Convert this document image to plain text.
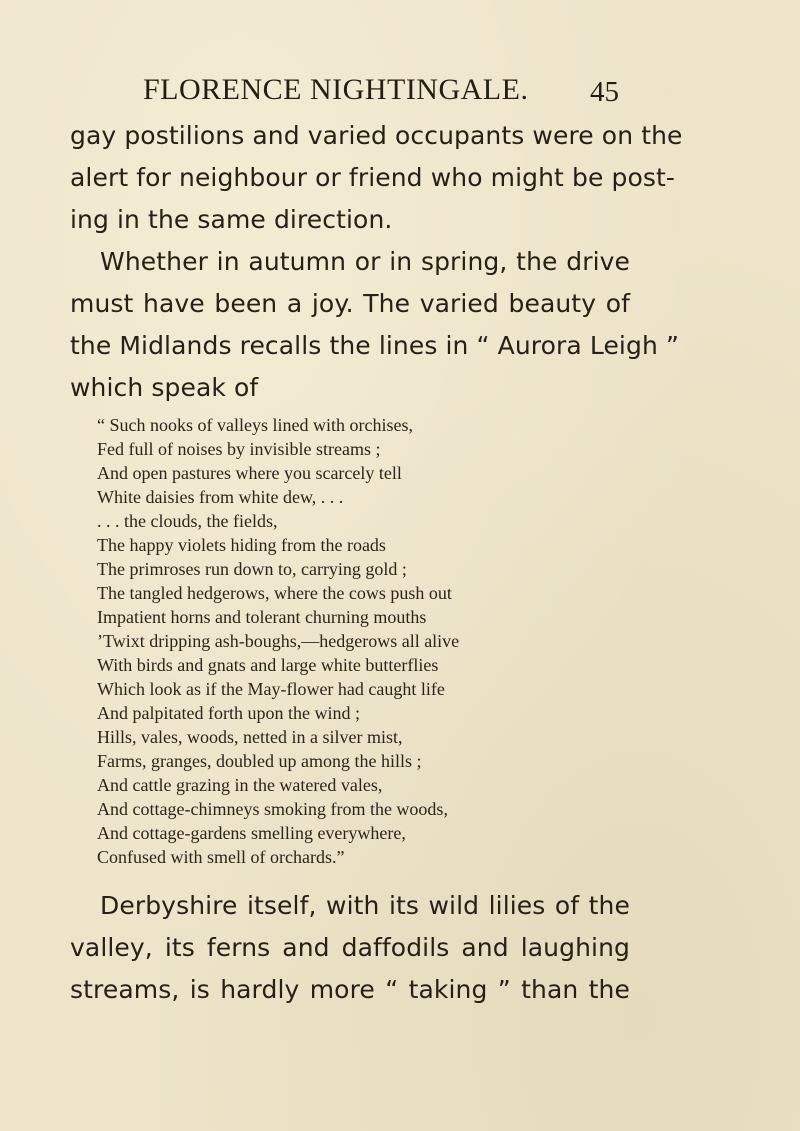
FLORENCE NIGHTINGALE.	45
gay postilions and varied occupants were on the
alert for neighbour or friend who might be post-
ing in the same direction.
Whether in autumn or in spring, the drive
must have been a joy. The varied beauty of
the Midlands recalls the lines in “ Aurora Leigh ”
which speak of
“ Such nooks of valleys lined with orchises,
Fed full of noises by invisible streams ;
And open pastures where you scarcely tell
White daisies from white dew, . . .
. . . the clouds, the fields,
The happy violets hiding from the roads
The primroses run down to, carrying gold ;
The tangled hedgerows, where the cows push out
Impatient horns and tolerant churning mouths
’Twixt dripping ash-boughs,—hedgerows all alive
With birds and gnats and large white butterflies
Which look as if the May-flower had caught life
And palpitated forth upon the wind ;
Hills, vales, woods, netted in a silver mist,
Farms, granges, doubled up among the hills ;
And cattle grazing in the watered vales,
And cottage-chimneys smoking from the woods,
And cottage-gardens smelling everywhere,
Confused with smell of orchards.”
Derbyshire itself, with its wild lilies of the
valley, its ferns and daffodils and laughing
streams, is hardly more “ taking ” than the
